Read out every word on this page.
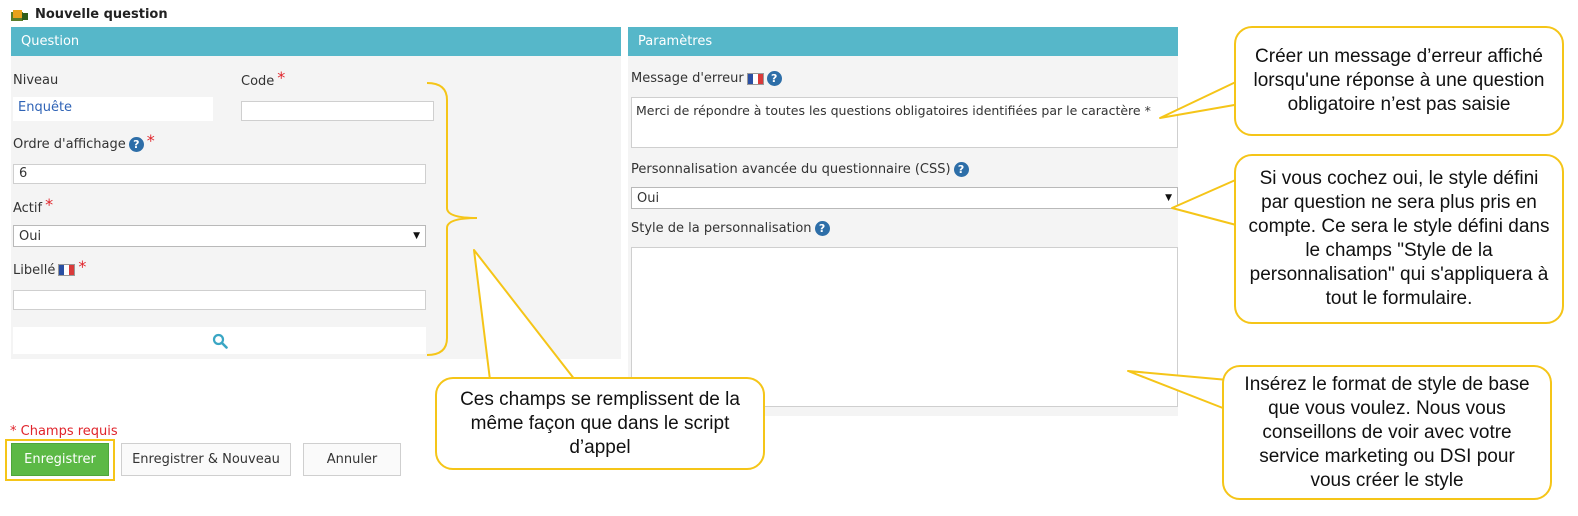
Nouvelle question
Question
Niveau
Enquête
Code *
Ordre d'affichage ? *
6
Actif *
Oui	▼
Libellé *
Paramètres
Message d'erreur	?
Merci de répondre à toutes les questions obligatoires identifiées par le caractère *
Personnalisation avancée du questionnaire (CSS) ?
Oui	▼
Style de la personnalisation ?
* Champs requis
Enregistrer	Enregistrer & Nouveau	Annuler
Créer un message d’erreur affiché lorsqu'une réponse à une question obligatoire n’est pas saisie
Si vous cochez oui, le style défini par question ne sera plus pris en compte. Ce sera le style défini dans le champs "Style de la personnalisation" qui s'appliquera à tout le formulaire.
Insérez le format de style de base que vous voulez. Nous vous conseillons de voir avec votre service marketing ou DSI pour vous créer le style
Ces champs se remplissent de la même façon que dans le script d’appel
